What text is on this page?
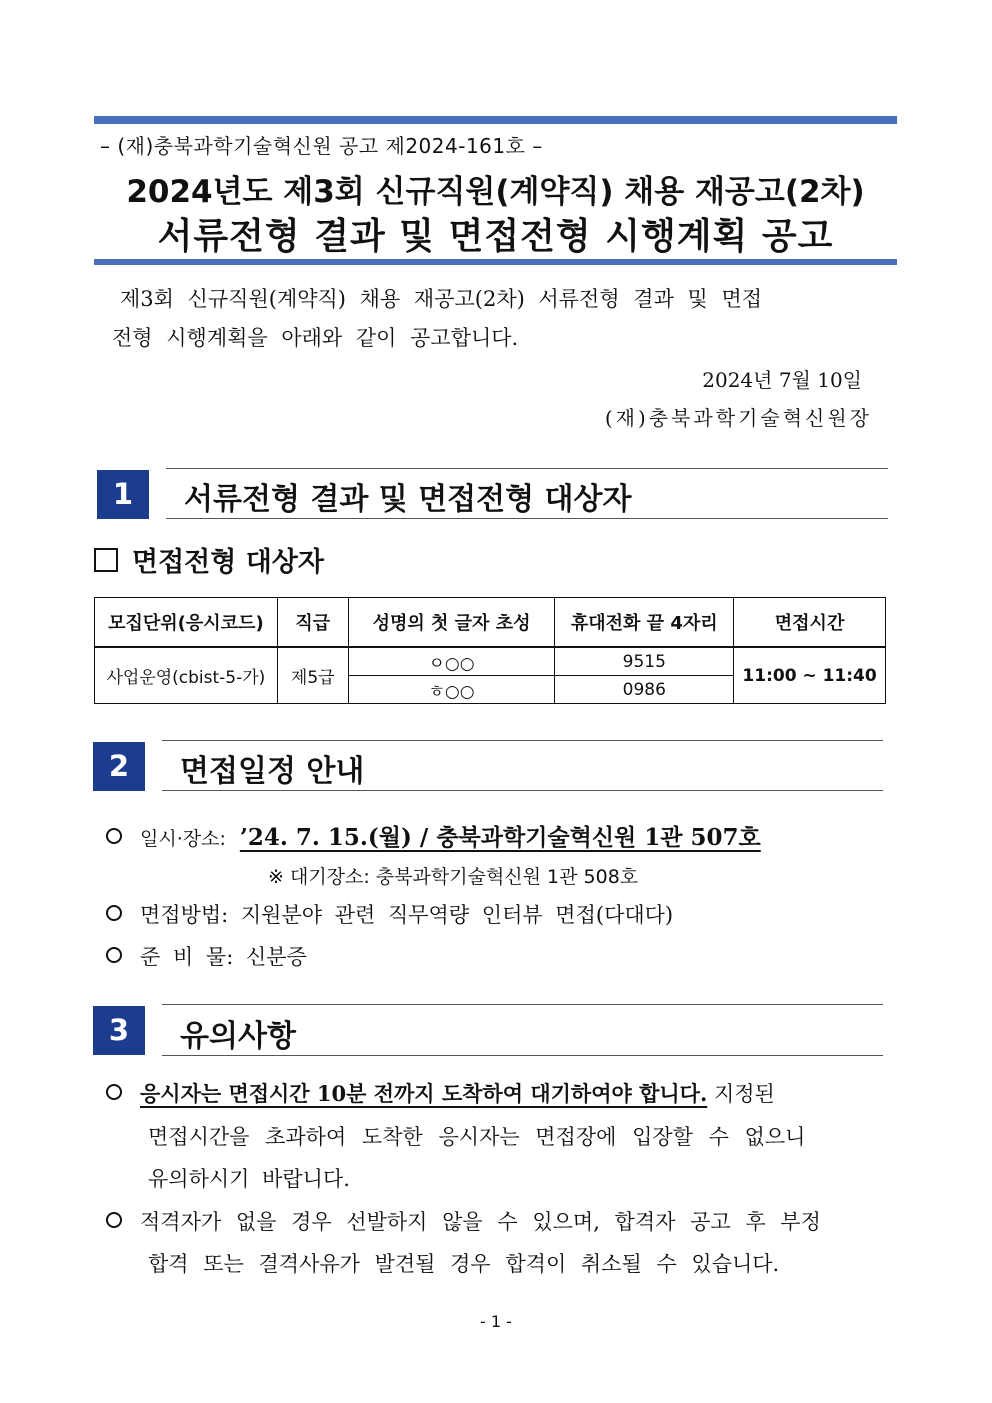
– (재)충북과학기술혁신원 공고 제2024-161호 –
2024년도 제3회 신규직원(계약직) 채용 재공고(2차)
서류전형 결과 및 면접전형 시행계획 공고
제3회 신규직원(계약직) 채용 재공고(2차) 서류전형 결과 및 면접
전형 시행계획을 아래와 같이 공고합니다.
2024년 7월 10일
(재)충북과학기술혁신원장
1	서류전형 결과 및 면접전형 대상자
면접전형 대상자
모집단위(응시코드)	직급	성명의 첫 글자 초성	휴대전화 끝 4자리	면접시간
사업운영(cbist-5-가)	제5급	ㅇ○○	9515	11:00 ~ 11:40
		ㅎ○○	0986	
2	면접일정 안내
일시·장소: ’24. 7. 15.(월) / 충북과학기술혁신원 1관 507호
※ 대기장소: 충북과학기술혁신원 1관 508호
면접방법: 지원분야 관련 직무역량 인터뷰 면접(다대다)
준 비 물: 신분증
3	유의사항
응시자는 면접시간 10분 전까지 도착하여 대기하여야 합니다. 지정된
면접시간을 초과하여 도착한 응시자는 면접장에 입장할 수 없으니
유의하시기 바랍니다.
적격자가 없을 경우 선발하지 않을 수 있으며, 합격자 공고 후 부정
합격 또는 결격사유가 발견될 경우 합격이 취소될 수 있습니다.
- 1 -
